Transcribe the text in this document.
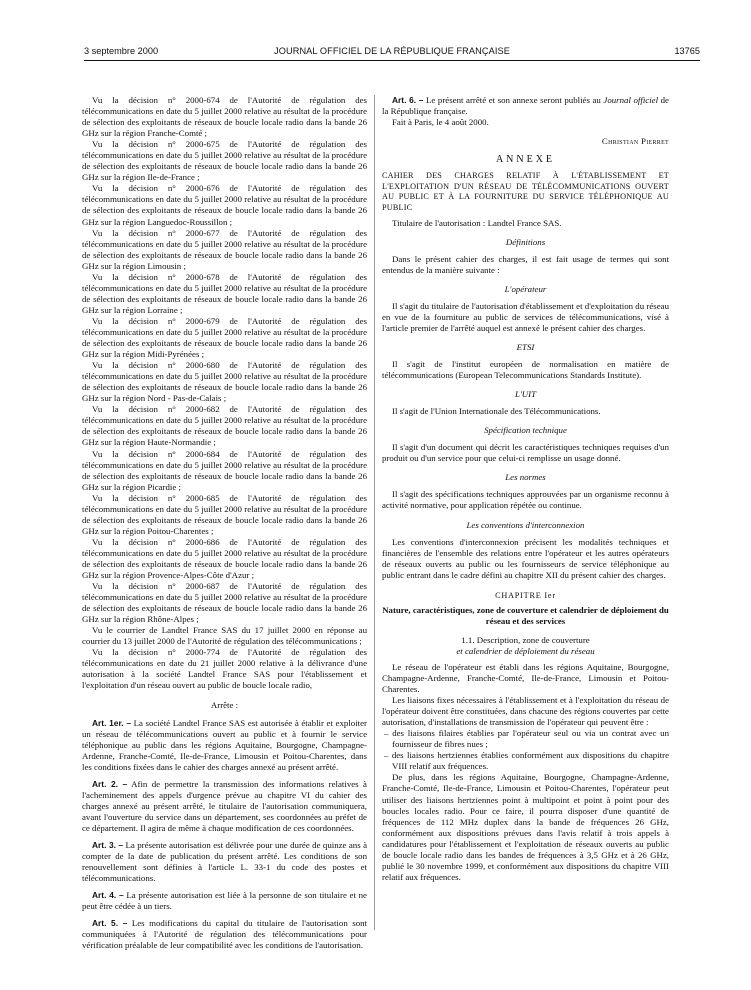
3 septembre 2000	JOURNAL OFFICIEL DE LA RÉPUBLIQUE FRANÇAISE	13765

Vu la décision n° 2000-674 de l'Autorité de régulation des télécommunications en date du 5 juillet 2000 relative au résultat de la procédure de sélection des exploitants de réseaux de boucle locale radio dans la bande 26 GHz sur la région Franche-Comté ;

Vu la décision n° 2000-675 de l'Autorité de régulation des télécommunications en date du 5 juillet 2000 relative au résultat de la procédure de sélection des exploitants de réseaux de boucle locale radio dans la bande 26 GHz sur la région Ile-de-France ;

Vu la décision n° 2000-676 de l'Autorité de régulation des télécommunications en date du 5 juillet 2000 relative au résultat de la procédure de sélection des exploitants de réseaux de boucle locale radio dans la bande 26 GHz sur la région Languedoc-Roussillon ;

Vu la décision n° 2000-677 de l'Autorité de régulation des télécommunications en date du 5 juillet 2000 relative au résultat de la procédure de sélection des exploitants de réseaux de boucle locale radio dans la bande 26 GHz sur la région Limousin ;

Vu la décision n° 2000-678 de l'Autorité de régulation des télécommunications en date du 5 juillet 2000 relative au résultat de la procédure de sélection des exploitants de réseaux de boucle locale radio dans la bande 26 GHz sur la région Lorraine ;

Vu la décision n° 2000-679 de l'Autorité de régulation des télécommunications en date du 5 juillet 2000 relative au résultat de la procédure de sélection des exploitants de réseaux de boucle locale radio dans la bande 26 GHz sur la région Midi-Pyrénées ;

Vu la décision n° 2000-680 de l'Autorité de régulation des télécommunications en date du 5 juillet 2000 relative au résultat de la procédure de sélection des exploitants de réseaux de boucle locale radio dans la bande 26 GHz sur la région Nord - Pas-de-Calais ;

Vu la décision n° 2000-682 de l'Autorité de régulation des télécommunications en date du 5 juillet 2000 relative au résultat de la procédure de sélection des exploitants de réseaux de boucle locale radio dans la bande 26 GHz sur la région Haute-Normandie ;

Vu la décision n° 2000-684 de l'Autorité de régulation des télécommunications en date du 5 juillet 2000 relative au résultat de la procédure de sélection des exploitants de réseaux de boucle locale radio dans la bande 26 GHz sur la région Picardie ;

Vu la décision n° 2000-685 de l'Autorité de régulation des télécommunications en date du 5 juillet 2000 relative au résultat de la procédure de sélection des exploitants de réseaux de boucle locale radio dans la bande 26 GHz sur la région Poitou-Charentes ;

Vu la décision n° 2000-686 de l'Autorité de régulation des télécommunications en date du 5 juillet 2000 relative au résultat de la procédure de sélection des exploitants de réseaux de boucle locale radio dans la bande 26 GHz sur la région Provence-Alpes-Côte d'Azur ;

Vu la décision n° 2000-687 de l'Autorité de régulation des télécommunications en date du 5 juillet 2000 relative au résultat de la procédure de sélection des exploitants de réseaux de boucle locale radio dans la bande 26 GHz sur la région Rhône-Alpes ;

Vu le courrier de Landtel France SAS du 17 juillet 2000 en réponse au courrier du 13 juillet 2000 de l'Autorité de régulation des télécommunications ;

Vu la décision n° 2000-774 de l'Autorité de régulation des télécommunications en date du 21 juillet 2000 relative à la délivrance d'une autorisation à la société Landtel France SAS pour l'établissement et l'exploitation d'un réseau ouvert au public de boucle locale radio,

Arrête :

Art. 1er. – La société Landtel France SAS est autorisée à établir et exploiter un réseau de télécommunications ouvert au public et à fournir le service téléphonique au public dans les régions Aquitaine, Bourgogne, Champagne-Ardenne, Franche-Comté, Ile-de-France, Limousin et Poitou-Charentes, dans les conditions fixées dans le cahier des charges annexé au présent arrêté.

Art. 2. – Afin de permettre la transmission des informations relatives à l'acheminement des appels d'urgence prévue au chapitre VI du cahier des charges annexé au présent arrêté, le titulaire de l'autorisation communiquera, avant l'ouverture du service dans un département, ses coordonnées au préfet de ce département. Il agira de même à chaque modification de ces coordonnées.

Art. 3. – La présente autorisation est délivrée pour une durée de quinze ans à compter de la date de publication du présent arrêté. Les conditions de son renouvellement sont définies à l'article L. 33-1 du code des postes et télécommunications.

Art. 4. – La présente autorisation est liée à la personne de son titulaire et ne peut être cédée à un tiers.

Art. 5. – Les modifications du capital du titulaire de l'autorisation sont communiquées à l'Autorité de régulation des télécommunications pour vérification préalable de leur compatibilité avec les conditions de l'autorisation.

Art. 6. – Le présent arrêté et son annexe seront publiés au Journal officiel de la République française.

Fait à Paris, le 4 août 2000.

Christian Pierret

ANNEXE

CAHIER DES CHARGES RELATIF À L'ÉTABLISSEMENT ET L'EXPLOITATION D'UN RÉSEAU DE TÉLÉCOMMUNICATIONS OUVERT AU PUBLIC ET À LA FOURNITURE DU SERVICE TÉLÉPHONIQUE AU PUBLIC

Titulaire de l'autorisation : Landtel France SAS.

Définitions

Dans le présent cahier des charges, il est fait usage de termes qui sont entendus de la manière suivante :

L'opérateur

Il s'agit du titulaire de l'autorisation d'établissement et d'exploitation du réseau en vue de la fourniture au public de services de télécommunications, visé à l'article premier de l'arrêté auquel est annexé le présent cahier des charges.

ETSI

Il s'agit de l'institut européen de normalisation en matière de télécommunications (European Telecommunications Standards Institute).

L'UIT

Il s'agit de l'Union Internationale des Télécommunications.

Spécification technique

Il s'agit d'un document qui décrit les caractéristiques techniques requises d'un produit ou d'un service pour que celui-ci remplisse un usage donné.

Les normes

Il s'agit des spécifications techniques approuvées par un organisme reconnu à activité normative, pour application répétée ou continue.

Les conventions d'interconnexion

Les conventions d'interconnexion précisent les modalités techniques et financières de l'ensemble des relations entre l'opérateur et les autres opérateurs de réseaux ouverts au public ou les fournisseurs de service téléphonique au public entrant dans le cadre défini au chapitre XII du présent cahier des charges.

CHAPITRE Ier

Nature, caractéristiques, zone de couverture et calendrier de déploiement du réseau et des services

1.1. Description, zone de couverture

et calendrier de déploiement du réseau

Le réseau de l'opérateur est établi dans les régions Aquitaine, Bourgogne, Champagne-Ardenne, Franche-Comté, Ile-de-France, Limousin et Poitou-Charentes.

Les liaisons fixes nécessaires à l'établissement et à l'exploitation du réseau de l'opérateur doivent être constituées, dans chacune des régions couvertes par cette autorisation, d'installations de transmission de l'opérateur qui peuvent être :

– des liaisons filaires établies par l'opérateur seul ou via un contrat avec un fournisseur de fibres nues ;

– des liaisons hertziennes établies conformément aux dispositions du chapitre VIII relatif aux fréquences.

De plus, dans les régions Aquitaine, Bourgogne, Champagne-Ardenne, Franche-Comté, Ile-de-France, Limousin et Poitou-Charentes, l'opérateur peut utiliser des liaisons hertziennes point à multipoint et point à point pour des boucles locales radio. Pour ce faire, il pourra disposer d'une quantité de fréquences de 112 MHz duplex dans la bande de fréquences 26 GHz, conformément aux dispositions prévues dans l'avis relatif à trois appels à candidatures pour l'établissement et l'exploitation de réseaux ouverts au public de boucle locale radio dans les bandes de fréquences à 3,5 GHz et à 26 GHz, publié le 30 novembre 1999, et conformément aux dispositions du chapitre VIII relatif aux fréquences.
